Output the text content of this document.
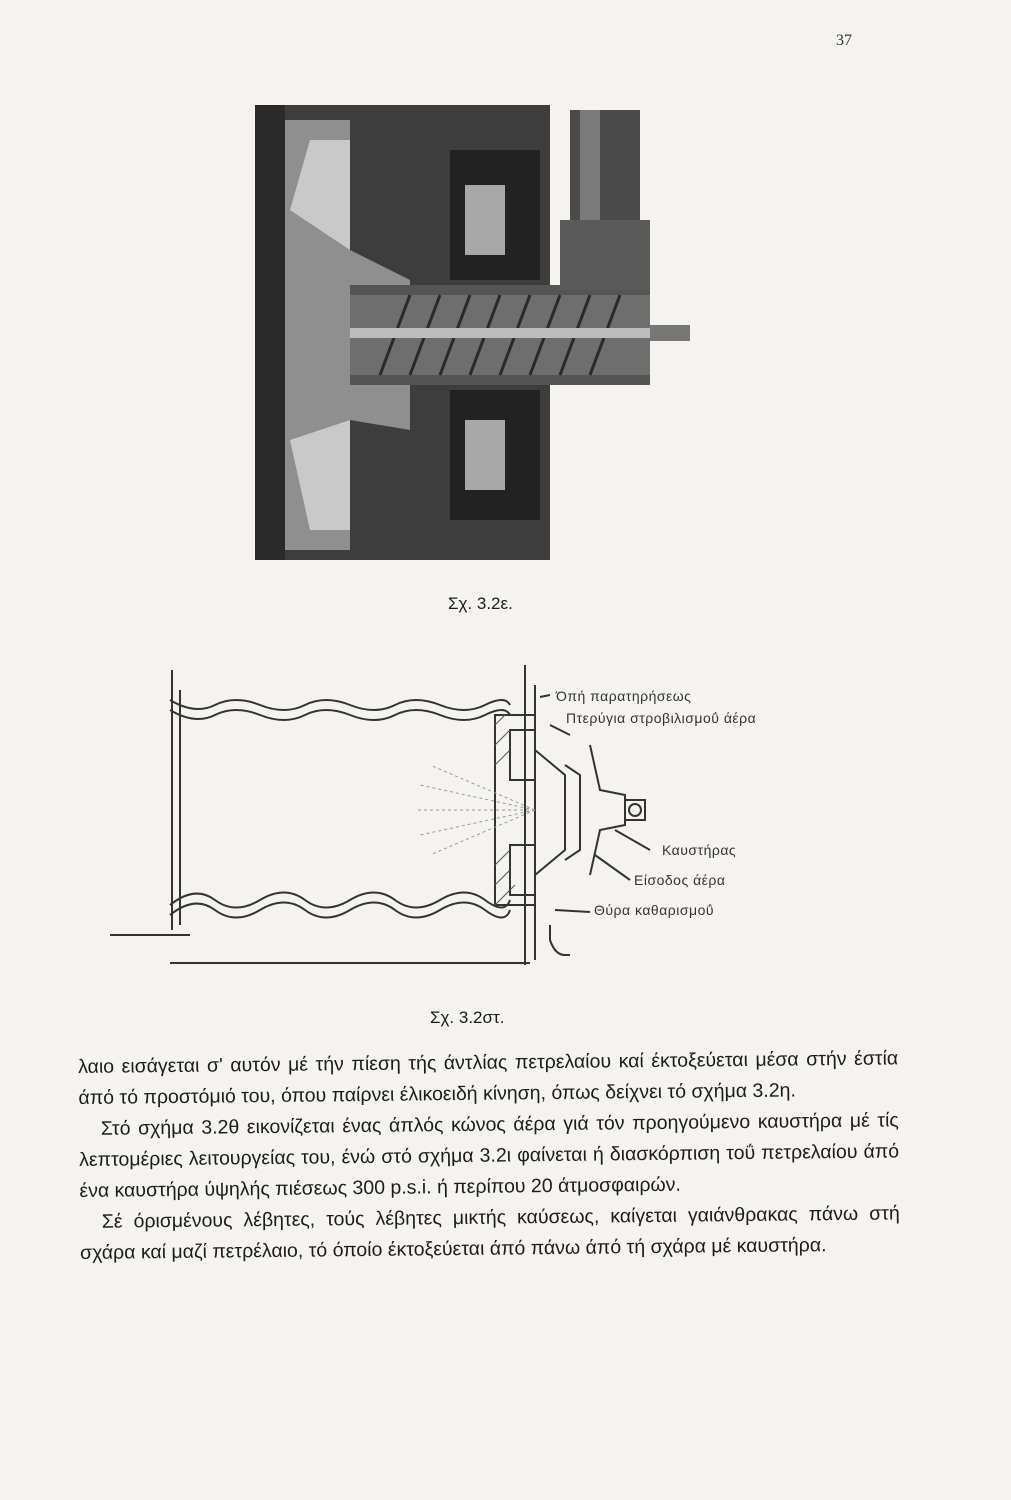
37
Σχ. 3.2ε.
Όπή παρατηρήσεως
Πτερύγια στροβιλισμοΰ άέρα
Καυστήρας
Είσοδος άέρα
Θύρα καθαρισμοΰ
Σχ. 3.2στ.

λαιο εισάγεται σ' αυτόν μέ τήν πίεση τής άντλίας πετρελαίου καί έκτοξεύεται μέσα στήν έστία άπό τό προστόμιό του, όπου παίρνει έλικοειδή κίνηση, όπως δείχνει τό σχήμα 3.2η.

Στό σχήμα 3.2θ εικονίζεται ένας άπλός κώνος άέρα γιά τόν προηγούμενο καυστήρα μέ τίς λεπτομέριες λειτουργείας του, ένώ στό σχήμα 3.2ι φαίνεται ή διασκόρπιση τοΰ πετρελαίου άπό ένα καυστήρα ύψηλής πιέσεως 300 p.s.i. ή περίπου 20 άτμοσφαιρών.

Σέ όρισμένους λέβητες, τούς λέβητες μικτής καύσεως, καίγεται γαιάνθρακας πάνω στή σχάρα καί μαζί πετρέλαιο, τό όποίο έκτοξεύεται άπό πάνω άπό τή σχάρα μέ καυστήρα.
